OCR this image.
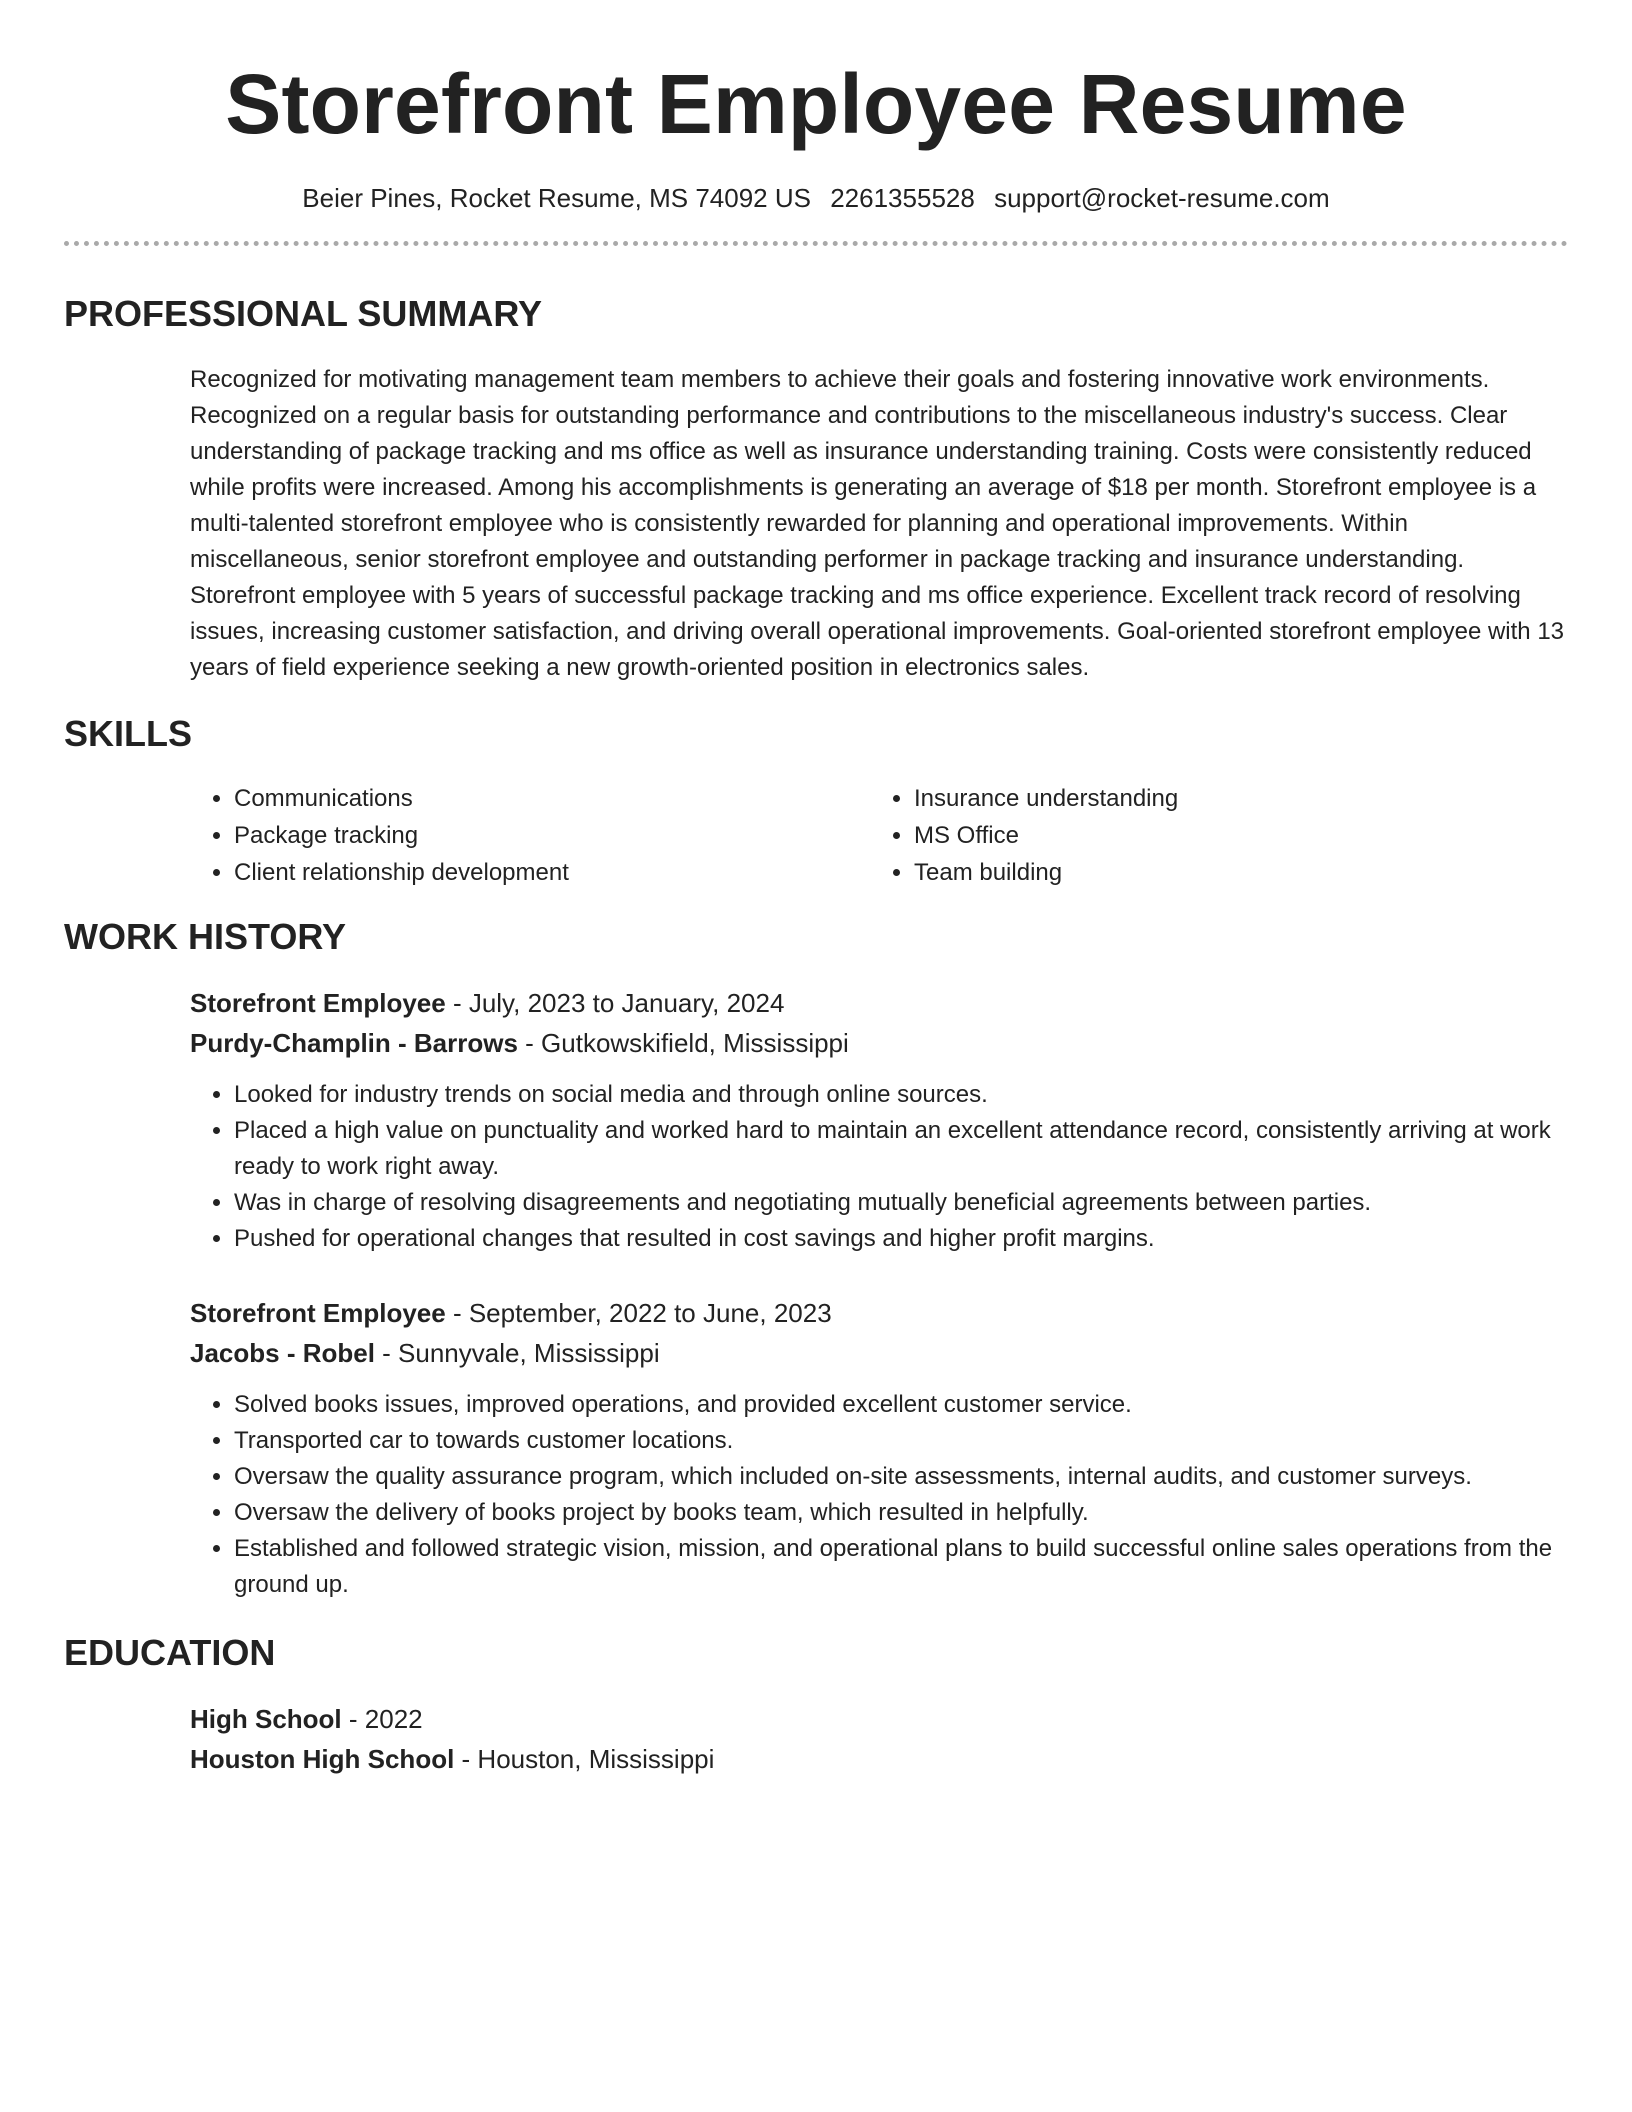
Storefront Employee Resume
Beier Pines, Rocket Resume, MS 74092 US 2261355528 support@rocket-resume.com
PROFESSIONAL SUMMARY

Recognized for motivating management team members to achieve their goals and fostering innovative work environments. Recognized on a regular basis for outstanding performance and contributions to the miscellaneous industry's success. Clear understanding of package tracking and ms office as well as insurance understanding training. Costs were consistently reduced while profits were increased. Among his accomplishments is generating an average of $18 per month. Storefront employee is a multi-talented storefront employee who is consistently rewarded for planning and operational improvements. Within miscellaneous, senior storefront employee and outstanding performer in package tracking and insurance understanding. Storefront employee with 5 years of successful package tracking and ms office experience. Excellent track record of resolving issues, increasing customer satisfaction, and driving overall operational improvements. Goal-oriented storefront employee with 13 years of field experience seeking a new growth-oriented position in electronics sales.

SKILLS
• Communications
• Package tracking
• Client relationship development
• Insurance understanding
• MS Office
• Team building
WORK HISTORY
Storefront Employee - July, 2023 to January, 2024
Purdy-Champlin - Barrows - Gutkowskifield, Mississippi
• Looked for industry trends on social media and through online sources.
• Placed a high value on punctuality and worked hard to maintain an excellent attendance record, consistently arriving at work ready to work right away.
• Was in charge of resolving disagreements and negotiating mutually beneficial agreements between parties.
• Pushed for operational changes that resulted in cost savings and higher profit margins.
Storefront Employee - September, 2022 to June, 2023
Jacobs - Robel - Sunnyvale, Mississippi
• Solved books issues, improved operations, and provided excellent customer service.
• Transported car to towards customer locations.
• Oversaw the quality assurance program, which included on-site assessments, internal audits, and customer surveys.
• Oversaw the delivery of books project by books team, which resulted in helpfully.
• Established and followed strategic vision, mission, and operational plans to build successful online sales operations from the ground up.
EDUCATION
High School - 2022
Houston High School - Houston, Mississippi
